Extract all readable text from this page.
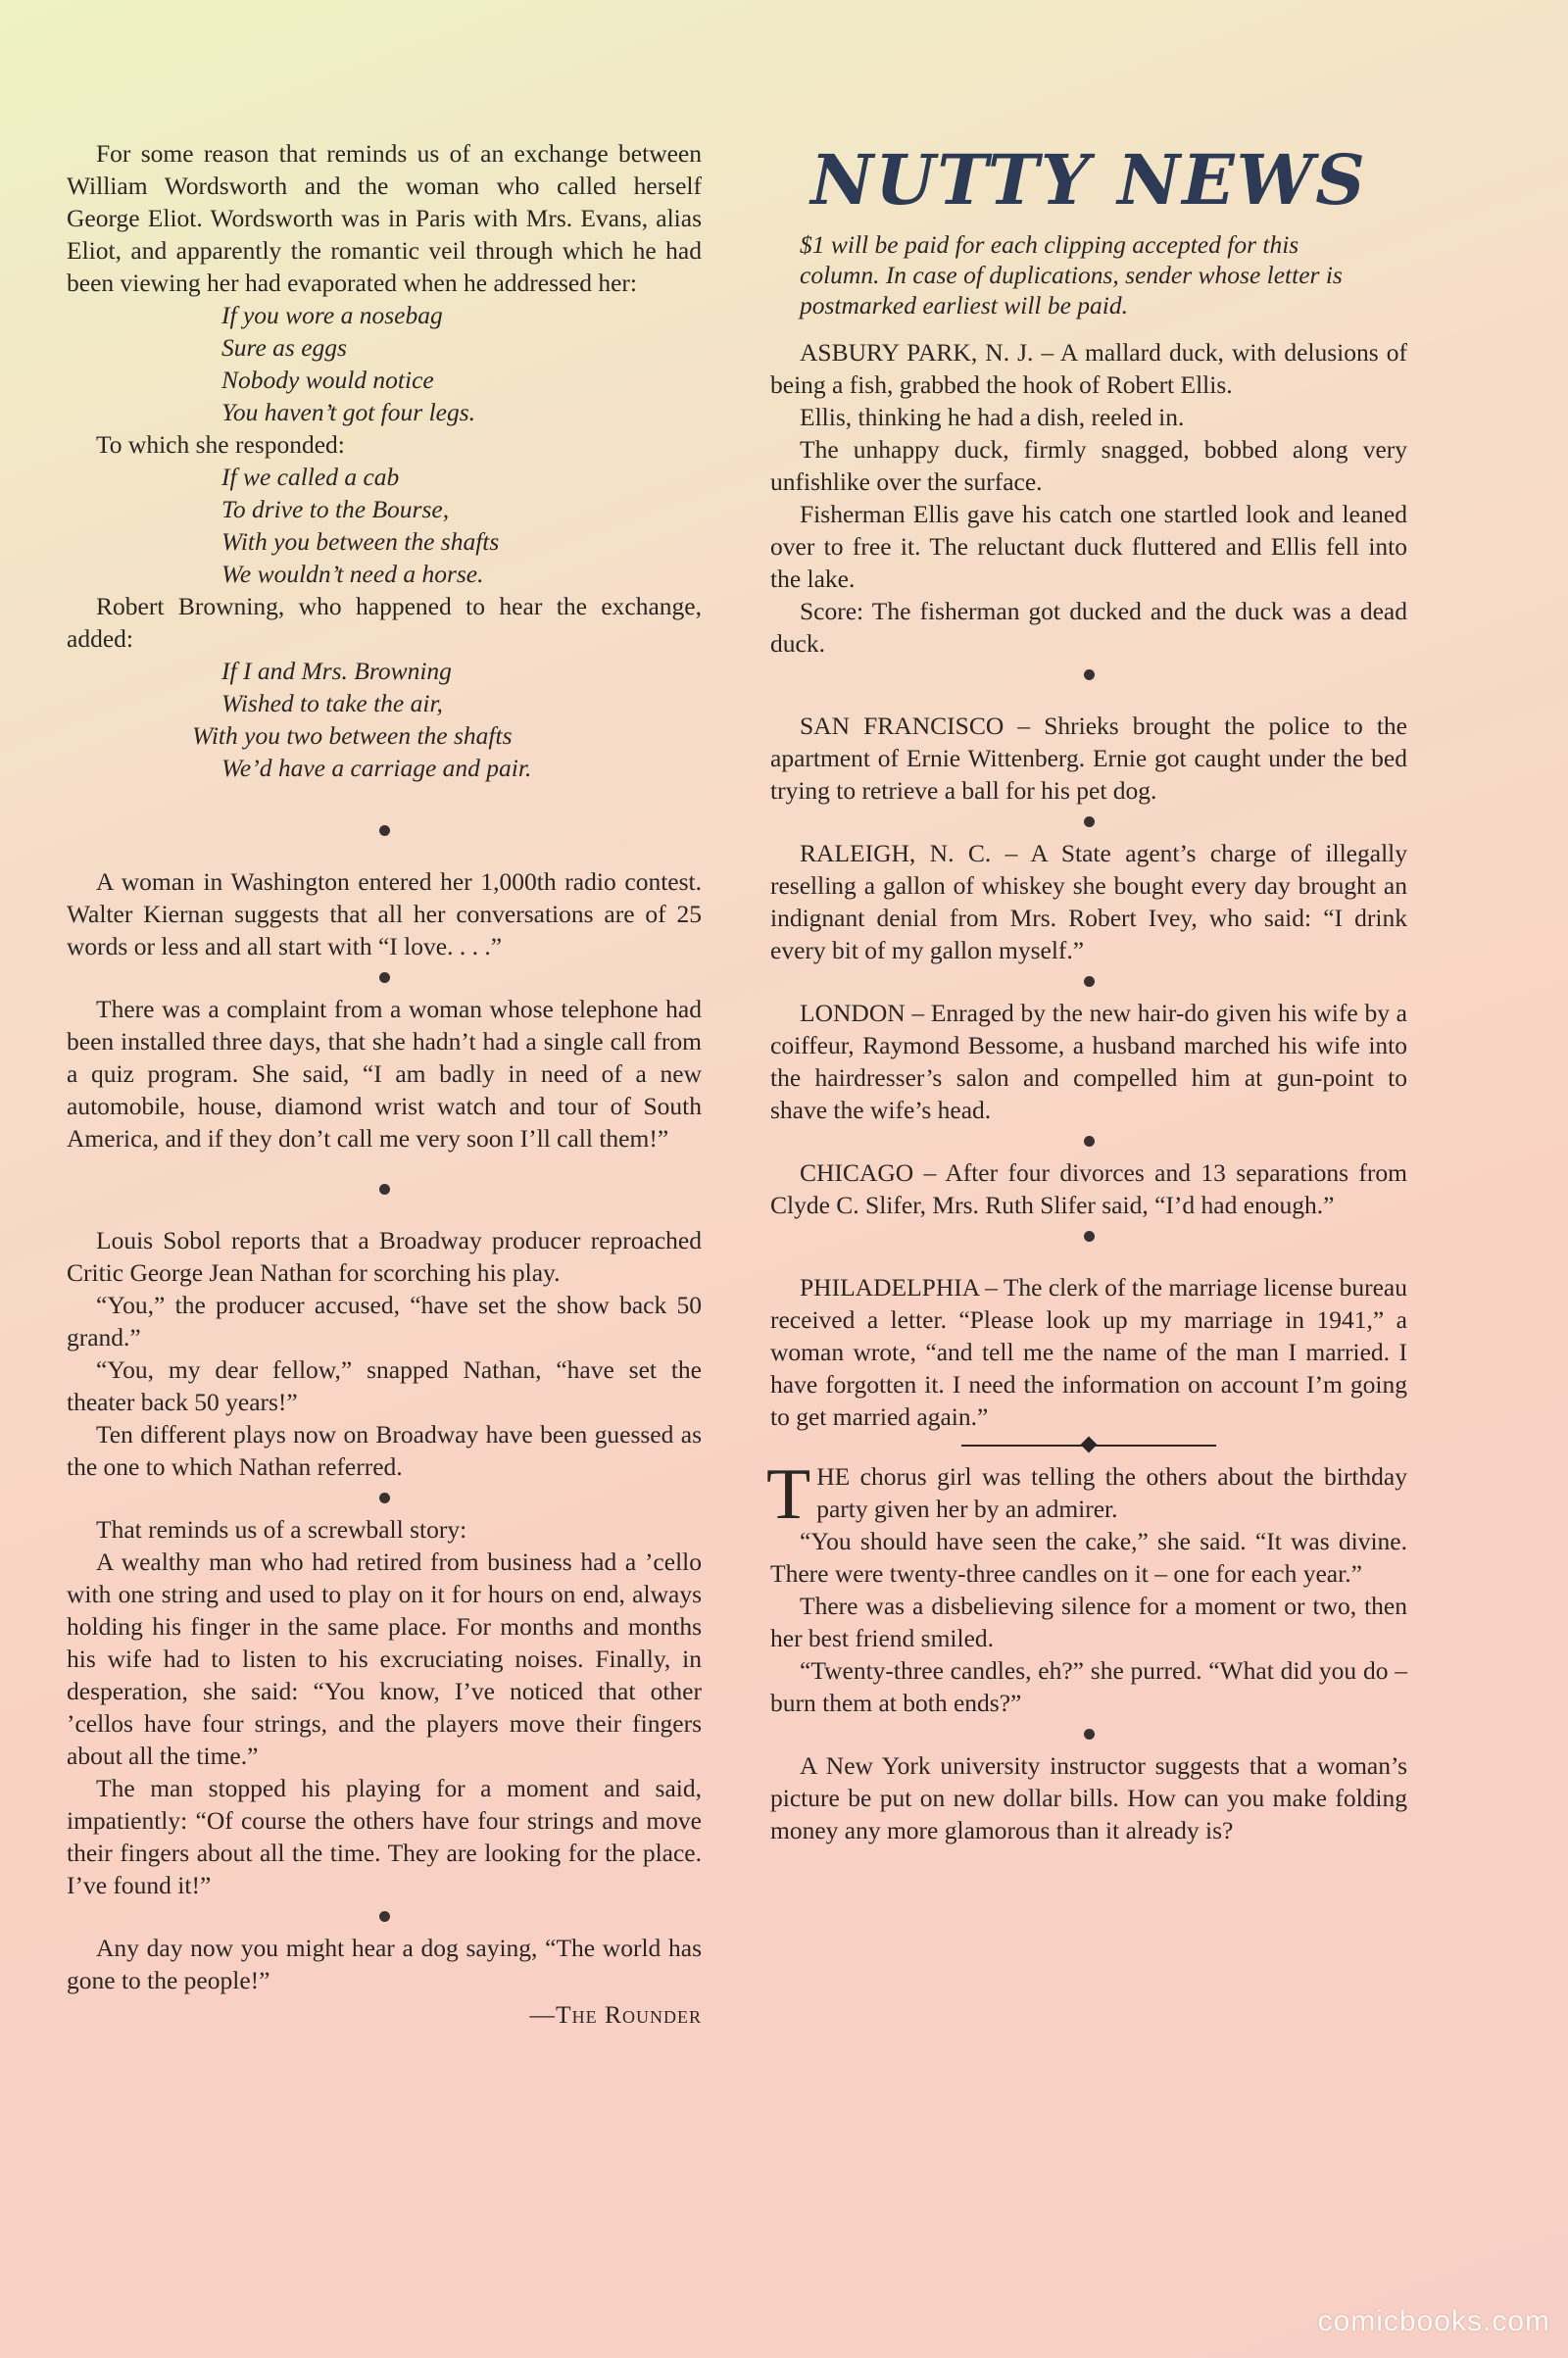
For some reason that reminds us of an exchange between William Wordsworth and the woman who called herself George Eliot. Wordsworth was in Paris with Mrs. Evans, alias Eliot, and apparently the romantic veil through which he had been viewing her had evaporated when he addressed her:

If you wore a nosebag
Sure as eggs
Nobody would notice
You haven’t got four legs.

To which she responded:

If we called a cab
To drive to the Bourse,
With you between the shafts
We wouldn’t need a horse.

Robert Browning, who happened to hear the exchange, added:

If I and Mrs. Browning
Wished to take the air,
With you two between the shafts
We’d have a carriage and pair.

A woman in Washington entered her 1,000th radio contest. Walter Kiernan suggests that all her conversations are of 25 words or less and all start with “I love. . . .”

There was a complaint from a woman whose telephone had been installed three days, that she hadn’t had a single call from a quiz program. She said, “I am badly in need of a new automobile, house, diamond wrist watch and tour of South America, and if they don’t call me very soon I’ll call them!”

Louis Sobol reports that a Broadway producer reproached Critic George Jean Nathan for scorching his play.

“You,” the producer accused, “have set the show back 50 grand.”

“You, my dear fellow,” snapped Nathan, “have set the theater back 50 years!”

Ten different plays now on Broadway have been guessed as the one to which Nathan referred.

That reminds us of a screwball story:

A wealthy man who had retired from business had a ’cello with one string and used to play on it for hours on end, always holding his finger in the same place. For months and months his wife had to listen to his excruciating noises. Finally, in desperation, she said: “You know, I’ve noticed that other ’cellos have four strings, and the players move their fingers about all the time.”

The man stopped his playing for a moment and said, impatiently: “Of course the others have four strings and move their fingers about all the time. They are looking for the place. I’ve found it!”

Any day now you might hear a dog saying, “The world has gone to the people!”

—The Rounder

NUTTY NEWS

$1 will be paid for each clipping accepted for this column. In case of duplications, sender whose letter is postmarked earliest will be paid.

ASBURY PARK, N. J. – A mallard duck, with delusions of being a fish, grabbed the hook of Robert Ellis.

Ellis, thinking he had a dish, reeled in.

The unhappy duck, firmly snagged, bobbed along very unfishlike over the surface.

Fisherman Ellis gave his catch one startled look and leaned over to free it. The reluctant duck fluttered and Ellis fell into the lake.

Score: The fisherman got ducked and the duck was a dead duck.

SAN FRANCISCO – Shrieks brought the police to the apartment of Ernie Wittenberg. Ernie got caught under the bed trying to retrieve a ball for his pet dog.

RALEIGH, N. C. – A State agent’s charge of illegally reselling a gallon of whiskey she bought every day brought an indignant denial from Mrs. Robert Ivey, who said: “I drink every bit of my gallon myself.”

LONDON – Enraged by the new hair-do given his wife by a coiffeur, Raymond Bessome, a husband marched his wife into the hairdresser’s salon and compelled him at gun-point to shave the wife’s head.

CHICAGO – After four divorces and 13 separations from Clyde C. Slifer, Mrs. Ruth Slifer said, “I’d had enough.”

PHILADELPHIA – The clerk of the marriage license bureau received a letter. “Please look up my marriage in 1941,” a woman wrote, “and tell me the name of the man I married. I have forgotten it. I need the information on account I’m going to get married again.”

THE chorus girl was telling the others about the birthday party given her by an admirer.

“You should have seen the cake,” she said. “It was divine. There were twenty-three candles on it – one for each year.”

There was a disbelieving silence for a moment or two, then her best friend smiled.

“Twenty-three candles, eh?” she purred. “What did you do – burn them at both ends?”

A New York university instructor suggests that a woman’s picture be put on new dollar bills. How can you make folding money any more glamorous than it already is?

comicbooks.com
